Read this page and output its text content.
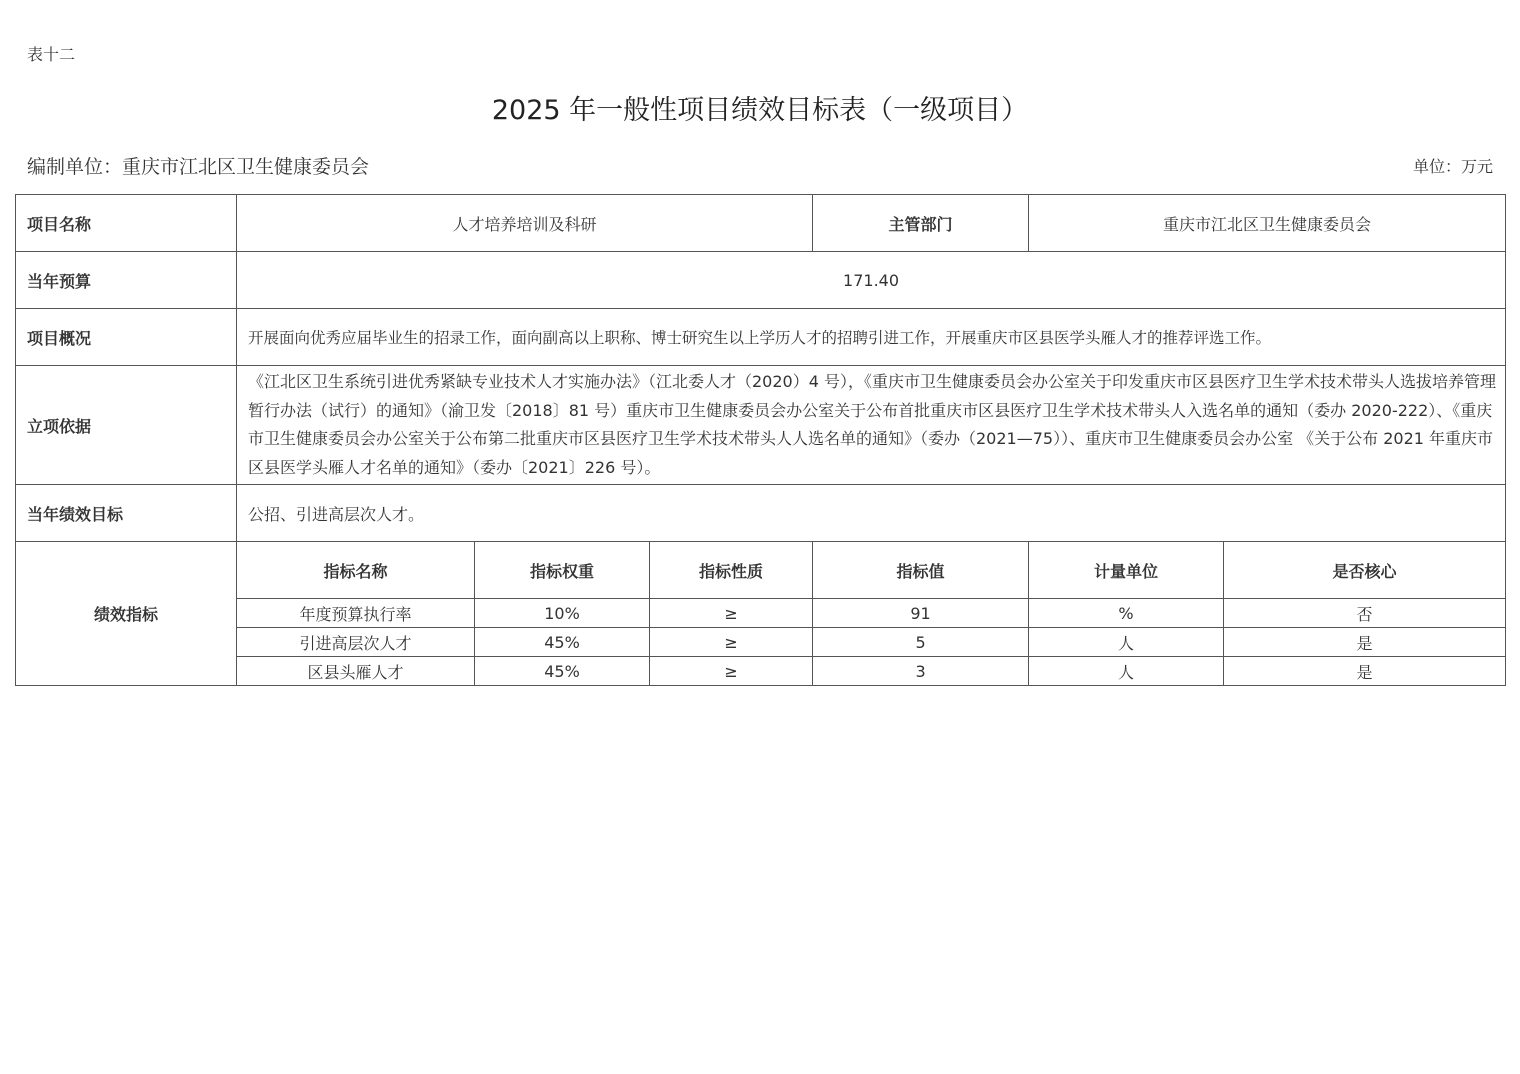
表十二
2025 年一般性项目绩效目标表（一级项目）
编制单位：重庆市江北区卫生健康委员会	单位：万元
项目名称	人才培养培训及科研			主管部门	重庆市江北区卫生健康委员会	
当年预算	171.40					
项目概况	开展面向优秀应届毕业生的招录工作，面向副高以上职称、博士研究生以上学历人才的招聘引进工作，开展重庆市区县医学头雁人才的推荐评选工作。					
立项依据	《江北区卫生系统引进优秀紧缺专业技术人才实施办法》（江北委人才（2020）4 号），《重庆市卫生健康委员会办公室关于印发重庆市区县医疗卫生学术技术带头人选拔培养管理暂行办法（试行）的通知》（渝卫发〔2018〕81 号）重庆市卫生健康委员会办公室关于公布首批重庆市区县医疗卫生学术技术带头人入选名单的通知（委办 2020-222）、《重庆市卫生健康委员会办公室关于公布第二批重庆市区县医疗卫生学术技术带头人人选名单的通知》（委办（2021—75））、重庆市卫生健康委员会办公室 《关于公布 2021 年重庆市区县医学头雁人才名单的通知》（委办〔2021〕226 号）。					
当年绩效目标	公招、引进高层次人才。					
绩效指标	指标名称	指标权重	指标性质	指标值	计量单位	是否核心
	年度预算执行率	10%	≥	91	%	否
	引进高层次人才	45%	≥	5	人	是
	区县头雁人才	45%	≥	3	人	是
